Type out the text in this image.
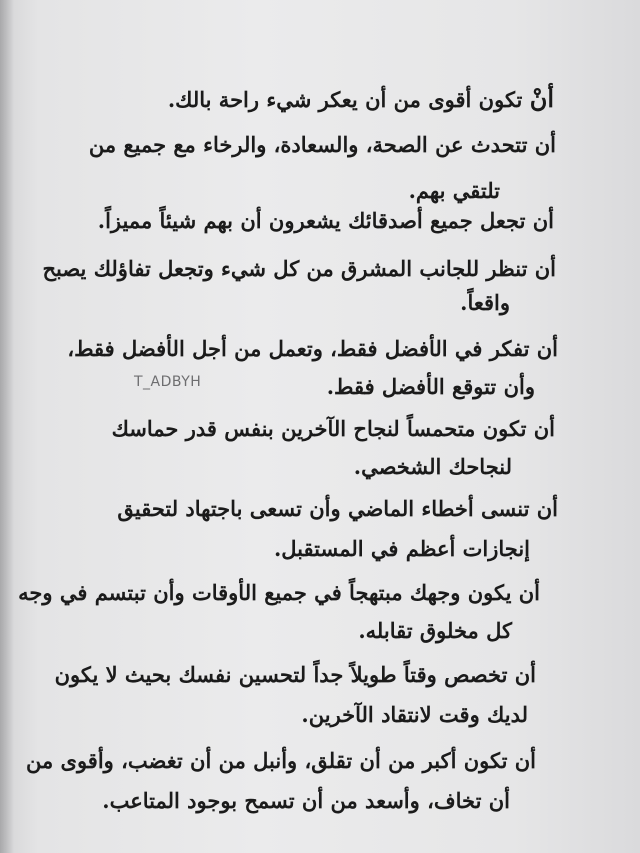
أنْ تكون أقوى من أن يعكر شيء راحة بالك.
أن تتحدث عن الصحة، والسعادة، والرخاء مع جميع من
تلتقي بهم.
أن تجعل جميع أصدقائك يشعرون أن بهم شيئاً مميزاً.
أن تنظر للجانب المشرق من كل شيء وتجعل تفاؤلك يصبح
واقعاً.
أن تفكر في الأفضل فقط، وتعمل من أجل الأفضل فقط،
وأن تتوقع الأفضل فقط.
أن تكون متحمساً لنجاح الآخرين بنفس قدر حماسك
لنجاحك الشخصي.
أن تنسى أخطاء الماضي وأن تسعى باجتهاد لتحقيق
إنجازات أعظم في المستقبل.
أن يكون وجهك مبتهجاً في جميع الأوقات وأن تبتسم في وجه
كل مخلوق تقابله.
أن تخصص وقتاً طويلاً جداً لتحسين نفسك بحيث لا يكون
لديك وقت لانتقاد الآخرين.
أن تكون أكبر من أن تقلق، وأنبل من أن تغضب، وأقوى من
أن تخاف، وأسعد من أن تسمح بوجود المتاعب.
T_ADBYH
